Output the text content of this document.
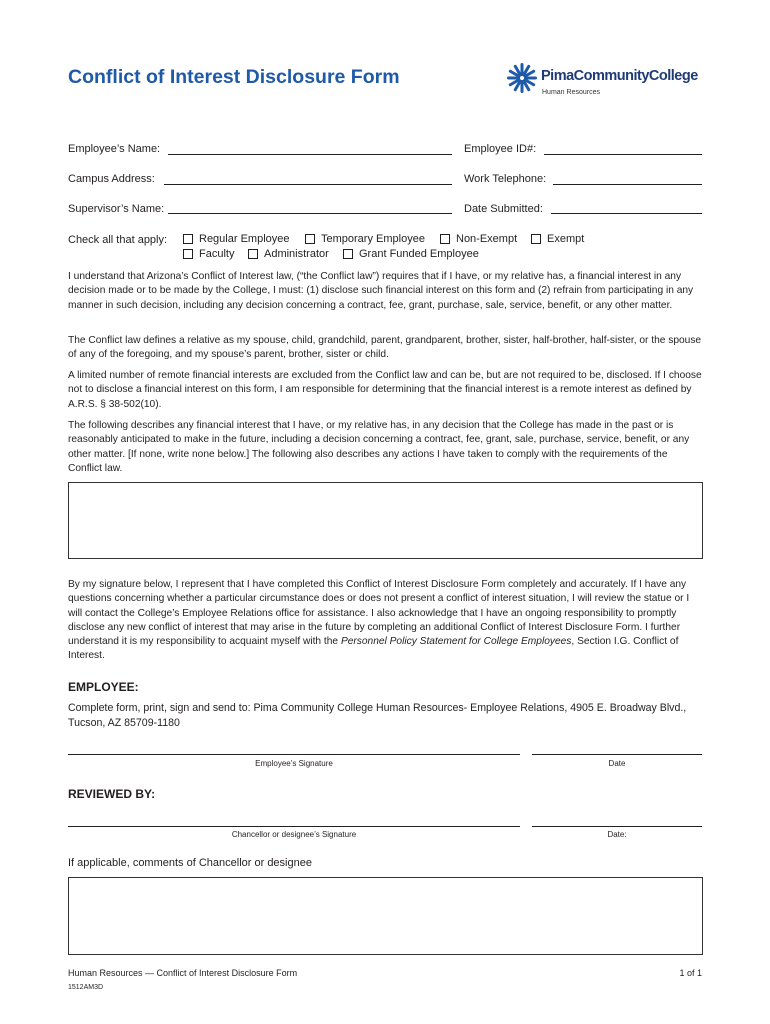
Conflict of Interest Disclosure Form	PimaCommunityCollege
Human Resources
Employee’s Name:	Employee ID#:
Campus Address:	Work Telephone:
Supervisor’s Name:	Date Submitted:
Check all that apply:	Regular Employee	Temporary Employee	Non-Exempt	Exempt
Faculty	Administrator	Grant Funded Employee

I understand that Arizona’s Conflict of Interest law, (“the Conflict law”) requires that if I have, or my relative has, a financial interest in any decision made or to be made by the College, I must: (1) disclose such financial interest on this form and (2) refrain from participating in any manner in such decision, including any decision concerning a contract, fee, grant, purchase, sale, service, benefit, or any other matter.

The Conflict law defines a relative as my spouse, child, grandchild, parent, grandparent, brother, sister, half-brother, half-sister, or the spouse of any of the foregoing, and my spouse’s parent, brother, sister or child.

A limited number of remote financial interests are excluded from the Conflict law and can be, but are not required to be, disclosed. If I choose not to disclose a financial interest on this form, I am responsible for determining that the financial interest is a remote interest as defined by A.R.S. § 38-502(10).

The following describes any financial interest that I have, or my relative has, in any decision that the College has made in the past or is reasonably anticipated to make in the future, including a decision concerning a contract, fee, grant, sale, purchase, service, benefit, or any other matter. [If none, write none below.] The following also describes any actions I have taken to comply with the requirements of the Conflict law.

By my signature below, I represent that I have completed this Conflict of Interest Disclosure Form completely and accurately. If I have any questions concerning whether a particular circumstance does or does not present a conflict of interest situation, I will review the statue or I will contact the College’s Employee Relations office for assistance. I also acknowledge that I have an ongoing responsibility to promptly disclose any new conflict of interest that may arise in the future by completing an additional Conflict of Interest Disclosure Form. I further understand it is my responsibility to acquaint myself with the Personnel Policy Statement for College Employees, Section I.G. Conflict of Interest.

EMPLOYEE:

Complete form, print, sign and send to: Pima Community College Human Resources- Employee Relations, 4905 E. Broadway Blvd., Tucson, AZ 85709-1180

Employee’s Signature	Date
REVIEWED BY:
Chancellor or designee’s Signature	Date:
If applicable, comments of Chancellor or designee
Human Resources — Conflict of Interest Disclosure Form	1 of 1
1512AM3D
